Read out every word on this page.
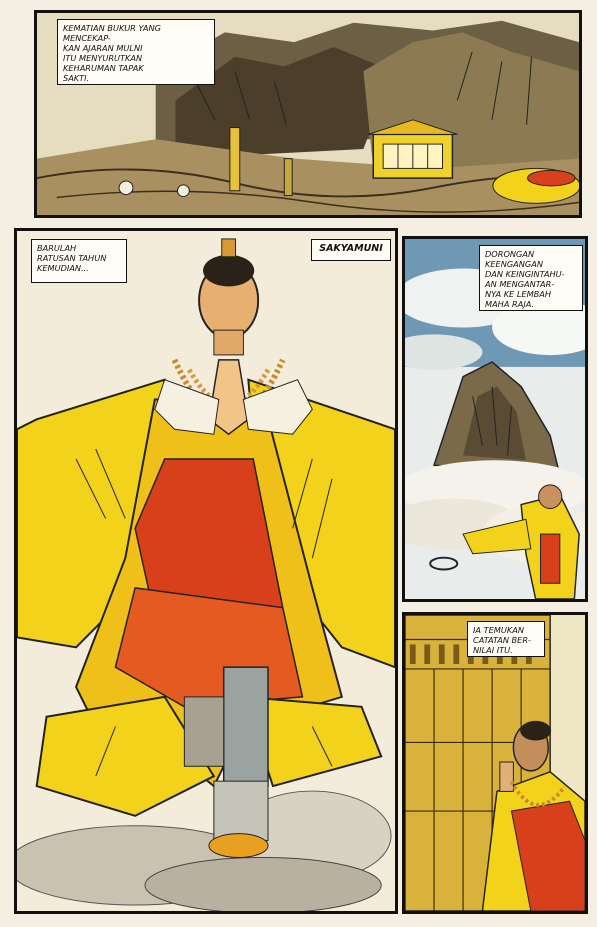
KEMATIAN BUKUR YANG MENCEKAP-
KAN AJARAN MULNI
ITU MENYURUTKAN
KEHARUMAN TAPAK
SAKTI.
BARULAH
RATUSAN TAHUN
KEMUDIAN...
SAKYAMUNI	DORONGAN
KEENGANGAN
DAN KEINGINTAHU-
AN MENGANTAR-
NYA KE LEMBAH
MAHA RAJA.
IA TEMUKAN
CATATAN BER-
NILAI ITU.
